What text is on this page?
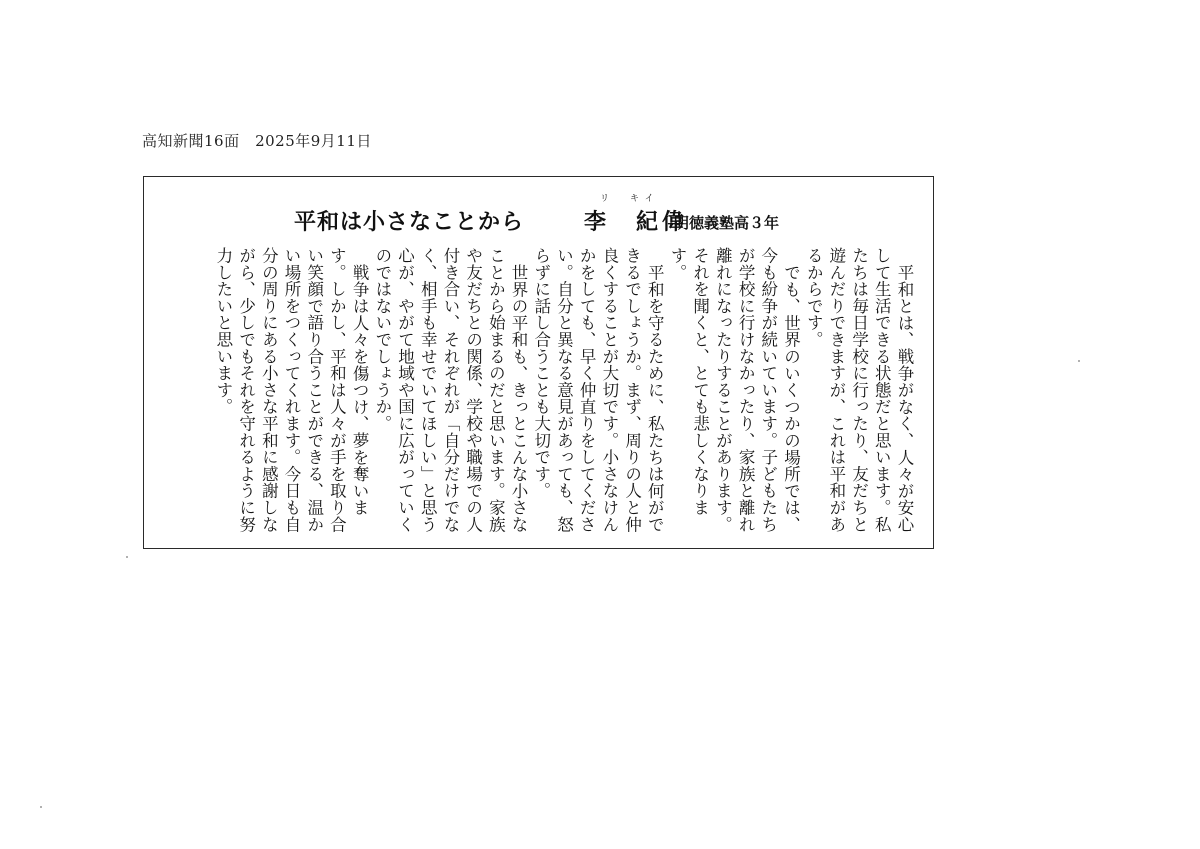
高知新聞16面　2025年9月11日
平和は小さなことから
リ　キイ
李　紀偉
明徳義塾高３年

平和とは、戦争がなく、人々が安心して生活できる状態だと思います。私たちは毎日学校に行ったり、友だちと遊んだりできますが、これは平和があるからです。

でも、世界のいくつかの場所では、今も紛争が続いています。子どもたちが学校に行けなかったり、家族と離れ離れになったりすることがあります。それを聞くと、とても悲しくなります。

平和を守るために、私たちは何ができるでしょうか。まず、周りの人と仲良くすることが大切です。小さなけんかをしても、早く仲直りをしてください。自分と異なる意見があっても、怒らずに話し合うことも大切です。

世界の平和も、きっとこんな小さなことから始まるのだと思います。家族や友だちとの関係、学校や職場での人付き合い、それぞれが「自分だけでなく、相手も幸せでいてほしい」と思う心が、やがて地域や国に広がっていくのではないでしょうか。

戦争は人々を傷つけ、夢を奪います。しかし、平和は人々が手を取り合い笑顔で語り合うことができる、温かい場所をつくってくれます。今日も自分の周りにある小さな平和に感謝しながら、少しでもそれを守れるように努力したいと思います。
